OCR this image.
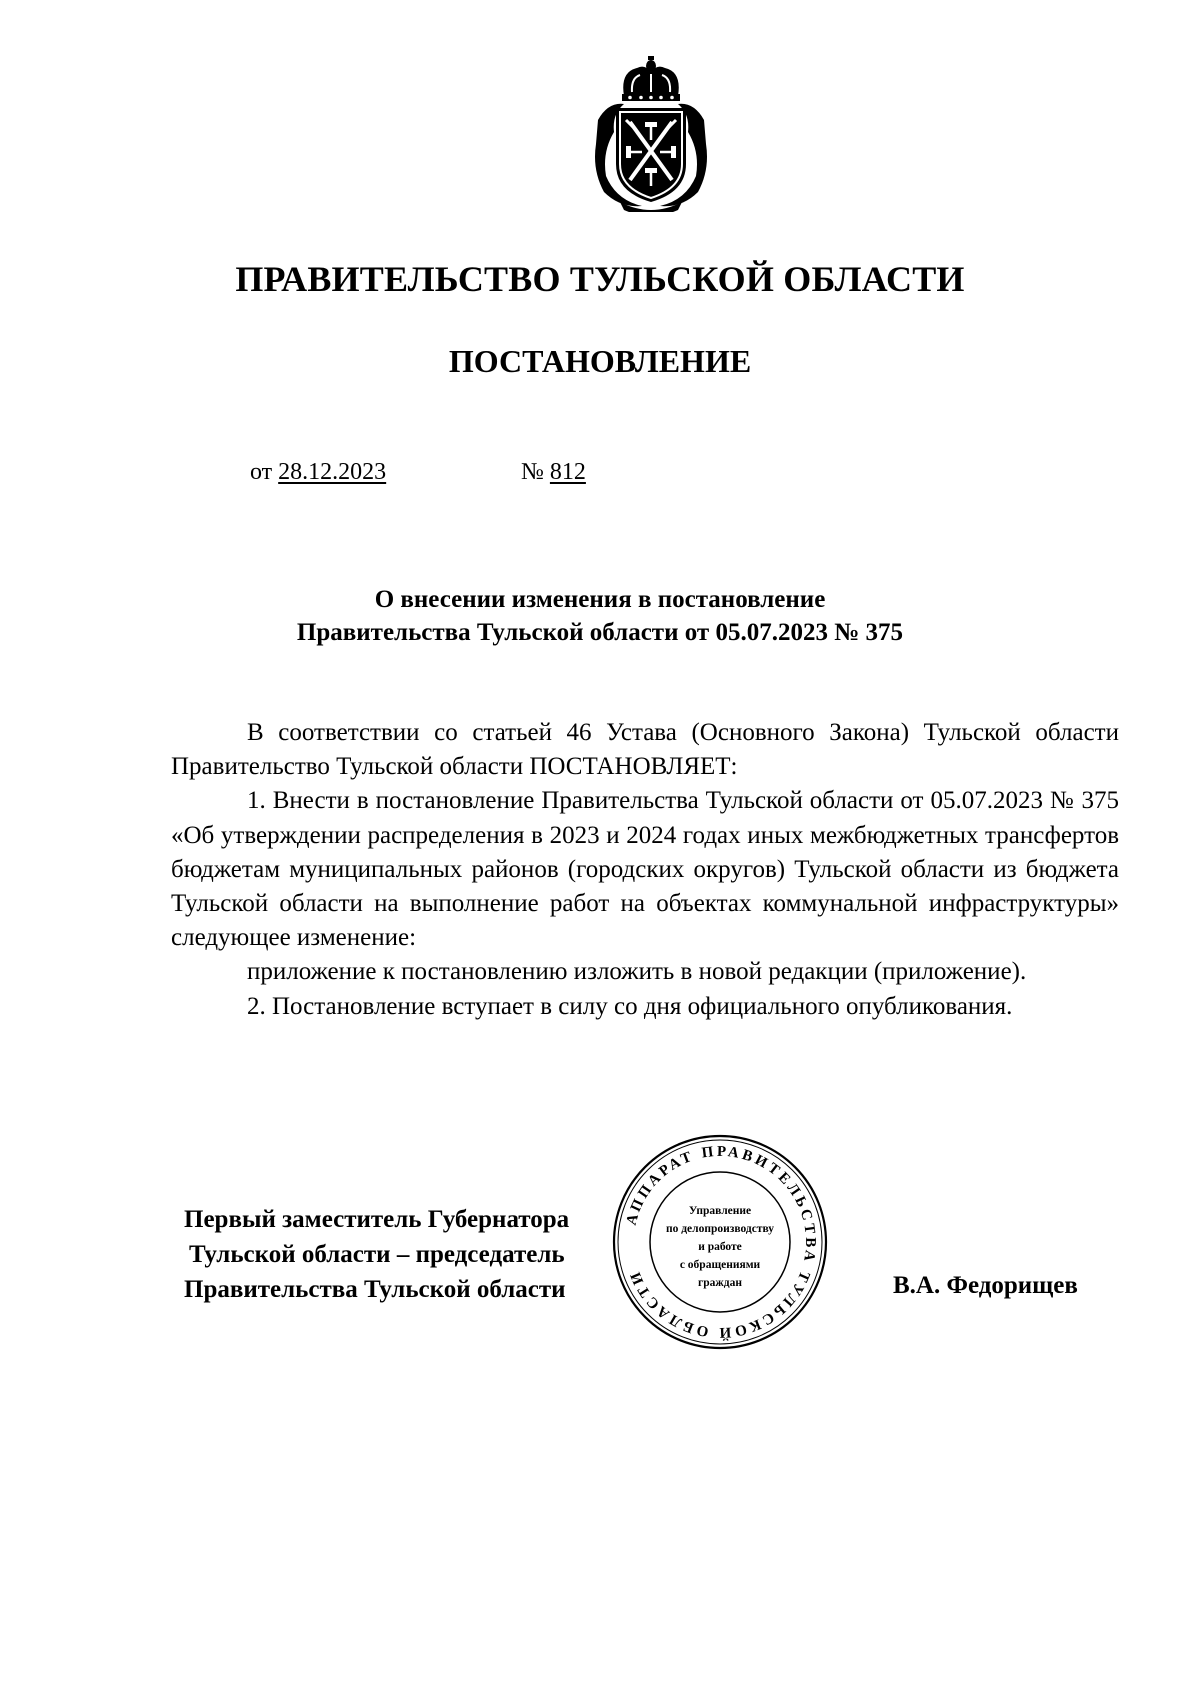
ПРАВИТЕЛЬСТВО ТУЛЬСКОЙ ОБЛАСТИ
ПОСТАНОВЛЕНИЕ
от 28.12.2023	№ 812
О внесении изменения в постановление
Правительства Тульской области от 05.07.2023 № 375

В соответствии со статьей 46 Устава (Основного Закона) Тульской области Правительство Тульской области ПОСТАНОВЛЯЕТ:

1. Внести в постановление Правительства Тульской области от 05.07.2023 № 375 «Об утверждении распределения в 2023 и 2024 годах иных межбюджетных трансфертов бюджетам муниципальных районов (городских округов) Тульской области из бюджета Тульской области на выполнение работ на объектах коммунальной инфраструктуры» следующее изменение:

приложение к постановлению изложить в новой редакции (приложение).

2. Постановление вступает в силу со дня официального опубликования.

АППАРАТ ПРАВИТЕЛЬСТВА ТУЛЬСКОЙ ОБЛАСТИ
Управление
по делопроизводству
и работе
с обращениями
граждан
Первый заместитель Губернатора
Тульской области – председатель
Правительства Тульской области	В.А. Федорищев
